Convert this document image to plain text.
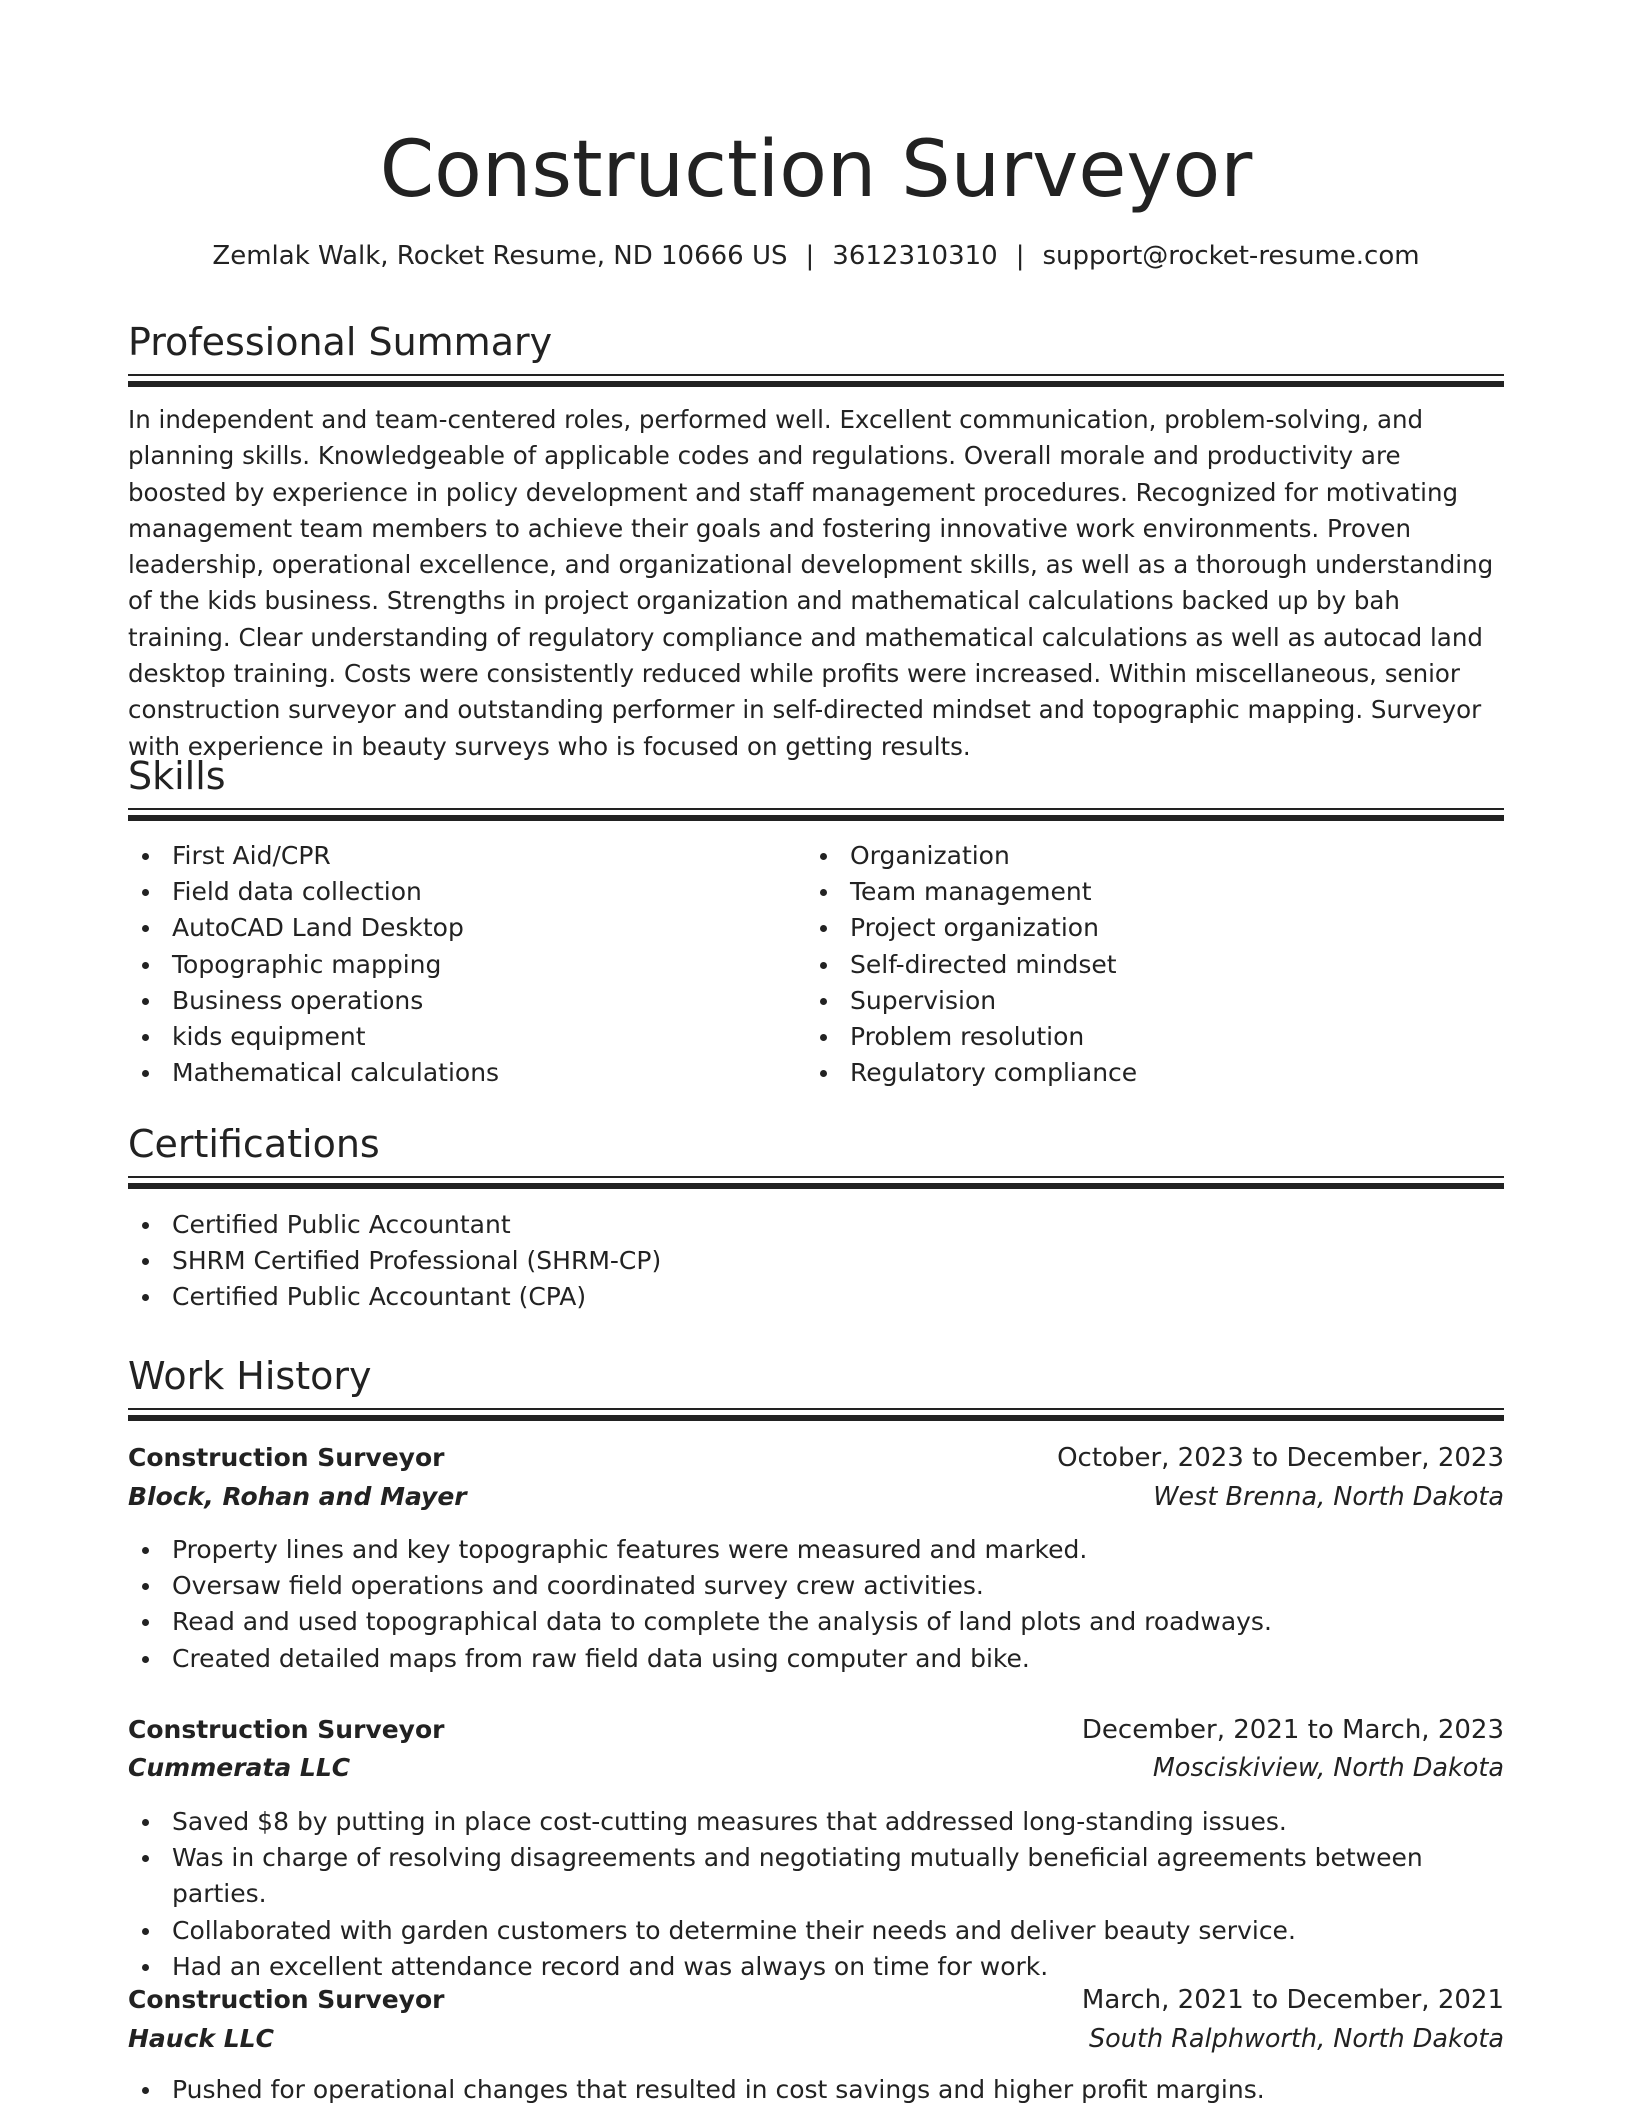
Construction Surveyor
Zemlak Walk, Rocket Resume, ND 10666 US | 3612310310 | support@rocket-resume.com
Professional Summary

In independent and team-centered roles, performed well. Excellent communication, problem-solving, and planning skills. Knowledgeable of applicable codes and regulations. Overall morale and productivity are boosted by experience in policy development and staff management procedures. Recognized for motivating management team members to achieve their goals and fostering innovative work environments. Proven leadership, operational excellence, and organizational development skills, as well as a thorough understanding of the kids business. Strengths in project organization and mathematical calculations backed up by bah training. Clear understanding of regulatory compliance and mathematical calculations as well as autocad land desktop training. Costs were consistently reduced while profits were increased. Within miscellaneous, senior construction surveyor and outstanding performer in self-directed mindset and topographic mapping. Surveyor with experience in beauty surveys who is focused on getting results.

Skills
First Aid/CPR
Field data collection
AutoCAD Land Desktop
Topographic mapping
Business operations
kids equipment
Mathematical calculations
Organization
Team management
Project organization
Self-directed mindset
Supervision
Problem resolution
Regulatory compliance
Certifications
Certified Public Accountant
SHRM Certified Professional (SHRM-CP)
Certified Public Accountant (CPA)
Work History
Construction Surveyor	October, 2023 to December, 2023
Block, Rohan and Mayer	West Brenna, North Dakota
Property lines and key topographic features were measured and marked.
Oversaw field operations and coordinated survey crew activities.
Read and used topographical data to complete the analysis of land plots and roadways.
Created detailed maps from raw field data using computer and bike.
Construction Surveyor	December, 2021 to March, 2023
Cummerata LLC	Mosciskiview, North Dakota
Saved $8 by putting in place cost-cutting measures that addressed long-standing issues.
Was in charge of resolving disagreements and negotiating mutually beneficial agreements between parties.
Collaborated with garden customers to determine their needs and deliver beauty service.
Had an excellent attendance record and was always on time for work.
Construction Surveyor	March, 2021 to December, 2021
Hauck LLC	South Ralphworth, North Dakota
Pushed for operational changes that resulted in cost savings and higher profit margins.
